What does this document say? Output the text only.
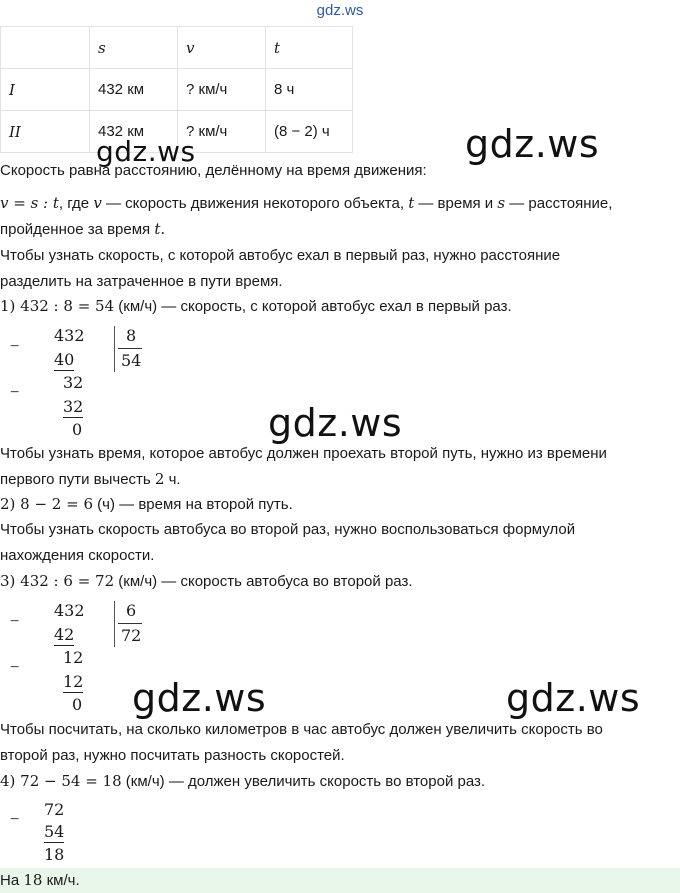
gdz.ws
	s	v	t
I	432 км	? км/ч	8 ч
II	432 км	? км/ч	(8 − 2) ч
gdz.ws	gdz.ws
Скорость равна расстоянию, делённому на время движения:
v = s : t, где v — скорость движения некоторого объекта, t — время и s — расстояние,
пройденное за время t.
Чтобы узнать скорость, с которой автобус ехал в первый раз, нужно расстояние
разделить на затраченное в пути время.
1) 432 : 8 = 54 (км/ч) — скорость, с которой автобус ехал в первый раз.
−
432
40
−
32
32
0
8
54
gdz.ws
Чтобы узнать время, которое автобус должен проехать второй путь, нужно из времени
первого пути вычесть 2 ч.
2) 8 − 2 = 6 (ч) — время на второй путь.
Чтобы узнать скорость автобуса во второй раз, нужно воспользоваться формулой
нахождения скорости.
3) 432 : 6 = 72 (км/ч) — скорость автобуса во второй раз.
−
432
42
−
12
12
0
6
72
gdz.ws	gdz.ws
Чтобы посчитать, на сколько километров в час автобус должен увеличить скорость во
второй раз, нужно посчитать разность скоростей.
4) 72 − 54 = 18 (км/ч) — должен увеличить скорость во второй раз.
−
72
54
18
На 18 км/ч.
